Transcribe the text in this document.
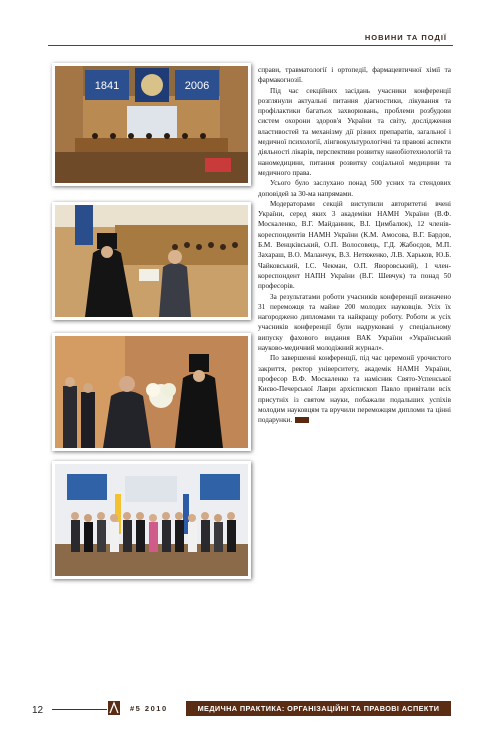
НОВИНИ ТА ПОДІЇ
1841	2006

справи, травматології і ортопедії, фармацевтичної хімії та фармакогнозії.

Під час секційних засідань учасники конференції розглянули актуальні питання діагностики, лікування та профілактики багатьох захворювань, проблеми розбудови систем охорони здоров'я України та світу, дослідження властивостей та механізму дії різних препаратів, загальної і медичної психології, лінгвокультурологічні та правові аспекти діяльності лікарів, перспективи розвитку нанобіотехнологій та наномедицини, питання розвитку соціальної медицини та медичного права.

Усього було заслухано понад 500 усних та стендових доповідей за 30-ма напрямами.

Модераторами секцій виступили авторитетні вчені України, серед яких 3 академіки НАМН України (В.Ф. Москаленко, В.Г. Майданник, В.І. Цимбалюк), 12 членів-кореспондентів НАМН України (К.М. Амосова, В.Г. Бардов, Б.М. Венцківський, О.П. Волосовець, Г.Д. Жабоєдов, М.П. Захараш, В.О. Маланчук, В.З. Нетяженко, Л.В. Харьков, Ю.Б. Чайковський, І.С. Чекман, О.П. Яворовський), 1 член-кореспондент НАПН України (В.Г. Шевчук) та понад 50 професорів.

За результатами роботи учасників конференції визначено 31 переможця та майже 200 молодих науковців. Усіх їх нагороджено дипломами та найкращу роботу. Роботи ж усіх учасників конференції були надруковані у спеціальному випуску фахового видання ВАК України «Український науково-медичний молодіжний журнал».

По завершенні конференції, під час церемонії урочистого закриття, ректор університету, академік НАМН України, професор В.Ф. Москаленко та намісник Свято-Успенської Києво-Печерської Лаври архієпископ Павло привітали всіх присутніх із святом науки, побажали подальших успіхів молодим науковцям та вручили переможцям дипломи та цінні подарунки.

12	#5 2010	МЕДИЧНА ПРАКТИКА: ОРГАНІЗАЦІЙНІ ТА ПРАВОВІ АСПЕКТИ
